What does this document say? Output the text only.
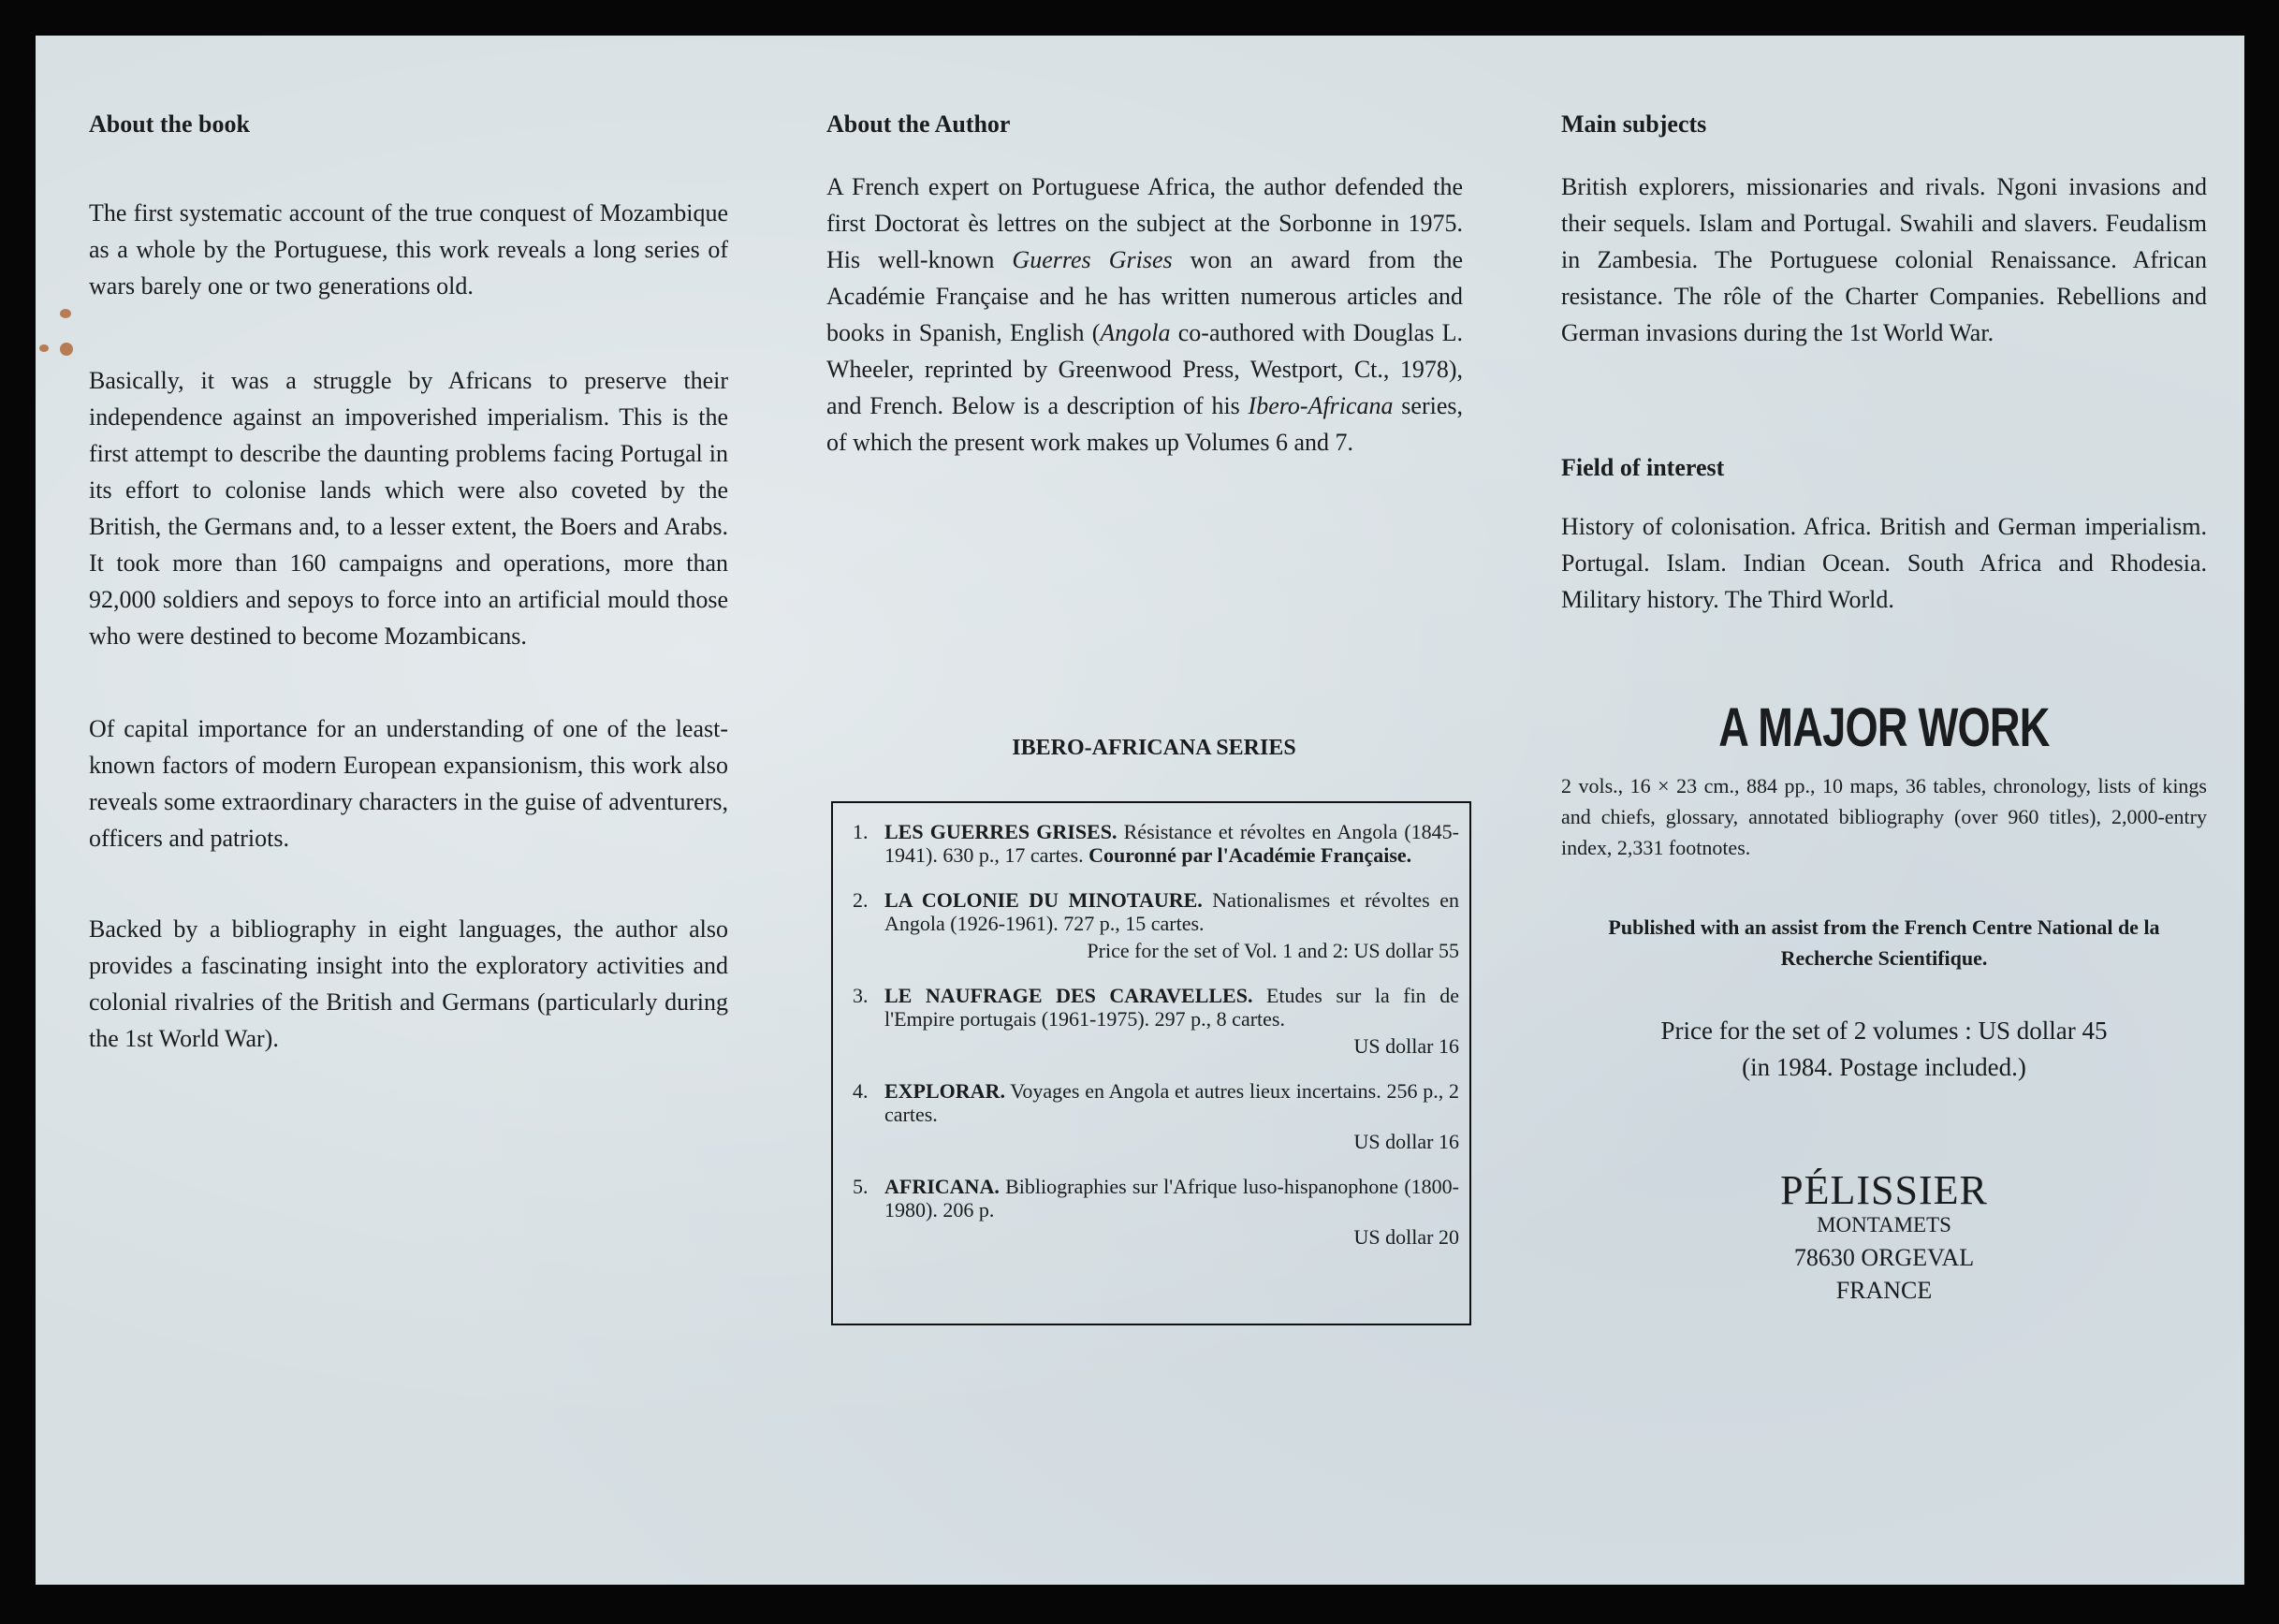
About the book

The first systematic account of the true conquest of Mozambique as a whole by the Portuguese, this work reveals a long series of wars barely one or two generations old.

Basically, it was a struggle by Africans to preserve their independence against an impoverished imperialism. This is the first attempt to describe the daunting problems facing Portugal in its effort to colonise lands which were also coveted by the British, the Germans and, to a lesser extent, the Boers and Arabs. It took more than 160 campaigns and operations, more than 92,000 soldiers and sepoys to force into an artificial mould those who were destined to become Mozambicans.

Of capital importance for an understanding of one of the least-known factors of modern European expansionism, this work also reveals some extraordinary characters in the guise of adventurers, officers and patriots.

Backed by a bibliography in eight languages, the author also provides a fascinating insight into the exploratory activities and colonial rivalries of the British and Germans (particularly during the 1st World War).

About the Author

A French expert on Portuguese Africa, the author defended the first Doctorat ès lettres on the subject at the Sorbonne in 1975. His well-known Guerres Grises won an award from the Académie Française and he has written numerous articles and books in Spanish, English (Angola co-authored with Douglas L. Wheeler, reprinted by Greenwood Press, Westport, Ct., 1978), and French. Below is a description of his Ibero-Africana series, of which the present work makes up Volumes 6 and 7.

IBERO-AFRICANA SERIES
1. LES GUERRES GRISES. Résistance et révoltes en Angola (1845-1941). 630 p., 17 cartes. Couronné par l'Académie Française.
2. LA COLONIE DU MINOTAURE. Nationalismes et révoltes en Angola (1926-1961). 727 p., 15 cartes.
Price for the set of Vol. 1 and 2: US dollar 55
3. LE NAUFRAGE DES CARAVELLES. Etudes sur la fin de l'Empire portugais (1961-1975). 297 p., 8 cartes.
US dollar 16
4. EXPLORAR. Voyages en Angola et autres lieux incertains. 256 p., 2 cartes.
US dollar 16
5. AFRICANA. Bibliographies sur l'Afrique luso-hispanophone (1800-1980). 206 p.
US dollar 20

Main subjects

British explorers, missionaries and rivals. Ngoni invasions and their sequels. Islam and Portugal. Swahili and slavers. Feudalism in Zambesia. The Portuguese colonial Renaissance. African resistance. The rôle of the Charter Companies. Rebellions and German invasions during the 1st World War.

Field of interest

History of colonisation. Africa. British and German imperialism. Portugal. Islam. Indian Ocean. South Africa and Rhodesia. Military history. The Third World.

A MAJOR WORK

2 vols., 16 × 23 cm., 884 pp., 10 maps, 36 tables, chronology, lists of kings and chiefs, glossary, annotated bibliography (over 960 titles), 2,000-entry index, 2,331 footnotes.

Published with an assist from the French Centre National de la Recherche Scientifique.

Price for the set of 2 volumes : US dollar 45

(in 1984. Postage included.)

PÉLISSIER

MONTAMETS

78630 ORGEVAL

FRANCE
